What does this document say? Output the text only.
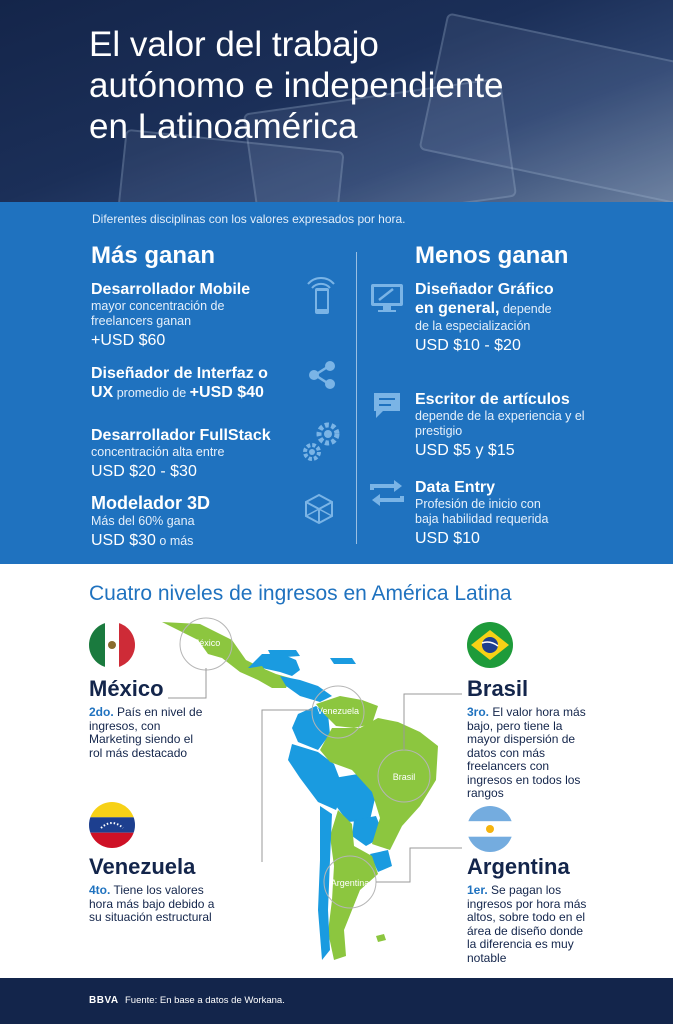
El valor del trabajo
autónomo e independiente
en Latinoamérica
Diferentes disciplinas con los valores expresados por hora.
Más ganan	Menos ganan
Desarrollador Mobile
mayor concentración de freelancers ganan
+USD $60
Diseñador de Interfaz o
UX promedio de +USD $40
Desarrollador FullStack
concentración alta entre
USD $20 - $30
Modelador 3D
Más del 60% gana
USD $30 o más
Diseñador Gráfico
en general, depende
de la especialización
USD $10 - $20
Escritor de artículos
depende de la experiencia y el prestigio
USD $5 y $15
Data Entry
Profesión de inicio con baja habilidad requerida
USD $10
Cuatro niveles de ingresos en América Latina
México
Venezuela
Brasil
Argentina
México
2do. País en nivel de ingresos, con Marketing siendo el rol más destacado
Brasil
3ro. El valor hora más bajo, pero tiene la mayor dispersión de datos con más freelancers con ingresos en todos los rangos
Venezuela
4to. Tiene los valores hora más bajo debido a su situación estructural
Argentina
1er. Se pagan los ingresos por hora más altos, sobre todo en el área de diseño donde la diferencia es muy notable
BBVA Fuente: En base a datos de Workana.
